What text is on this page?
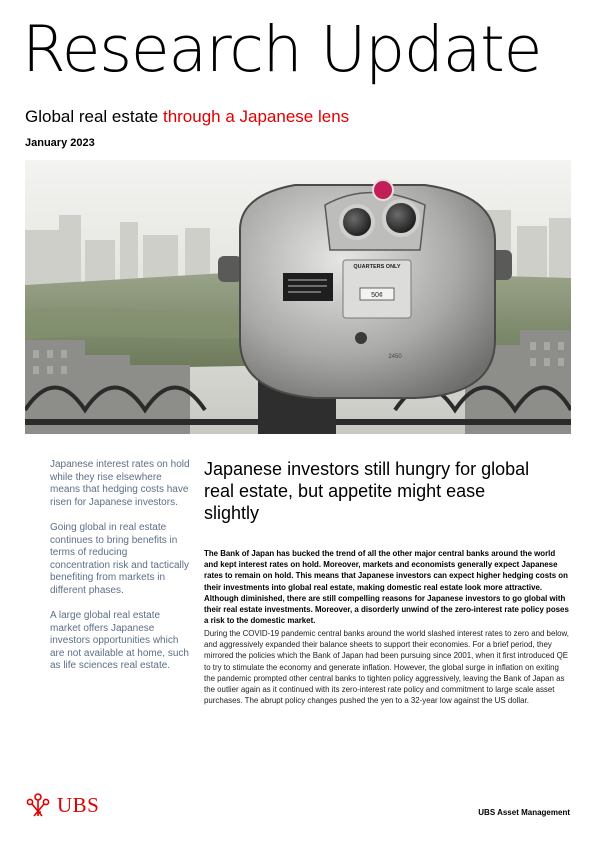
Research Update
Global real estate through a Japanese lens
January 2023
QUARTERS ONLY
50¢
2450

Japanese interest rates on hold while they rise elsewhere means that hedging costs have risen for Japanese investors.

Going global in real estate continues to bring benefits in terms of reducing concentration risk and tactically benefiting from markets in different phases.

A large global real estate market offers Japanese investors opportunities which are not available at home, such as life sciences real estate.

Japanese investors still hungry for global real estate, but appetite might ease slightly
The Bank of Japan has bucked the trend of all the other major central banks around the world and kept interest rates on hold. Moreover, markets and economists generally expect Japanese rates to remain on hold. This means that Japanese investors can expect higher hedging costs on their investments into global real estate, making domestic real estate look more attractive. Although diminished, there are still compelling reasons for Japanese investors to go global with their real estate investments. Moreover, a disorderly unwind of the zero-interest rate policy poses a risk to the domestic market.
During the COVID-19 pandemic central banks around the world slashed interest rates to zero and below, and aggressively expanded their balance sheets to support their economies. For a brief period, they mirrored the policies which the Bank of Japan had been pursuing since 2001, when it first introduced QE to try to stimulate the economy and generate inflation. However, the global surge in inflation on exiting the pandemic prompted other central banks to tighten policy aggressively, leaving the Bank of Japan as the outlier again as it continued with its zero-interest rate policy and commitment to large scale asset purchases. The abrupt policy changes pushed the yen to a 32-year low against the US dollar.
UBS	UBS Asset Management
